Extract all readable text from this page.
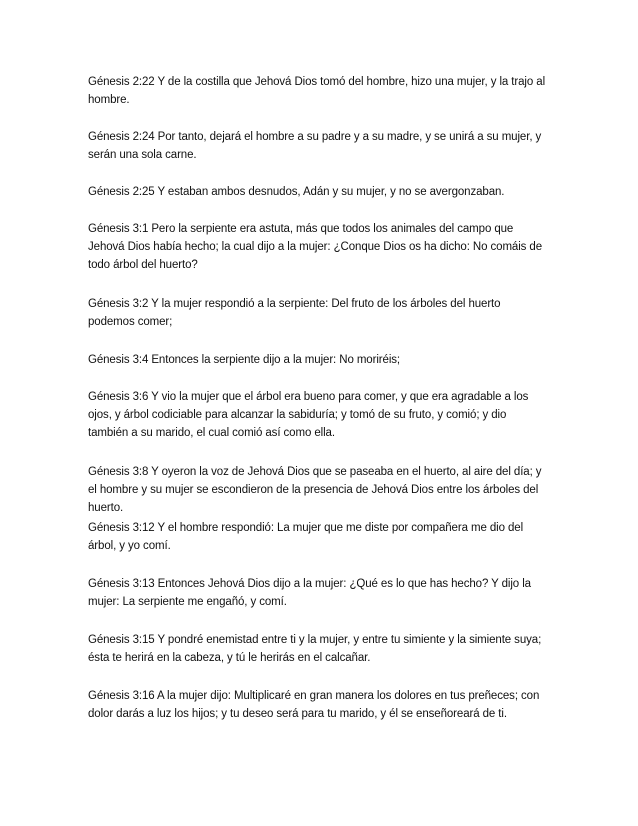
Génesis 2:22 Y de la costilla que Jehová Dios tomó del hombre, hizo una mujer, y la trajo al hombre.

Génesis 2:24 Por tanto, dejará el hombre a su padre y a su madre, y se unirá a su mujer, y serán una sola carne.

Génesis 2:25 Y estaban ambos desnudos, Adán y su mujer, y no se avergonzaban.

Génesis 3:1 Pero la serpiente era astuta, más que todos los animales del campo que Jehová Dios había hecho; la cual dijo a la mujer: ¿Conque Dios os ha dicho: No comáis de todo árbol del huerto?

Génesis 3:2 Y la mujer respondió a la serpiente: Del fruto de los árboles del huerto podemos comer;

Génesis 3:4 Entonces la serpiente dijo a la mujer: No moriréis;

Génesis 3:6 Y vio la mujer que el árbol era bueno para comer, y que era agradable a los ojos, y árbol codiciable para alcanzar la sabiduría; y tomó de su fruto, y comió; y dio también a su marido, el cual comió así como ella.

Génesis 3:8 Y oyeron la voz de Jehová Dios que se paseaba en el huerto, al aire del día; y el hombre y su mujer se escondieron de la presencia de Jehová Dios entre los árboles del huerto.

Génesis 3:12 Y el hombre respondió: La mujer que me diste por compañera me dio del árbol, y yo comí.

Génesis 3:13 Entonces Jehová Dios dijo a la mujer: ¿Qué es lo que has hecho? Y dijo la mujer: La serpiente me engañó, y comí.

Génesis 3:15 Y pondré enemistad entre ti y la mujer, y entre tu simiente y la simiente suya; ésta te herirá en la cabeza, y tú le herirás en el calcañar.

Génesis 3:16 A la mujer dijo: Multiplicaré en gran manera los dolores en tus preñeces; con dolor darás a luz los hijos; y tu deseo será para tu marido, y él se enseñoreará de ti.
